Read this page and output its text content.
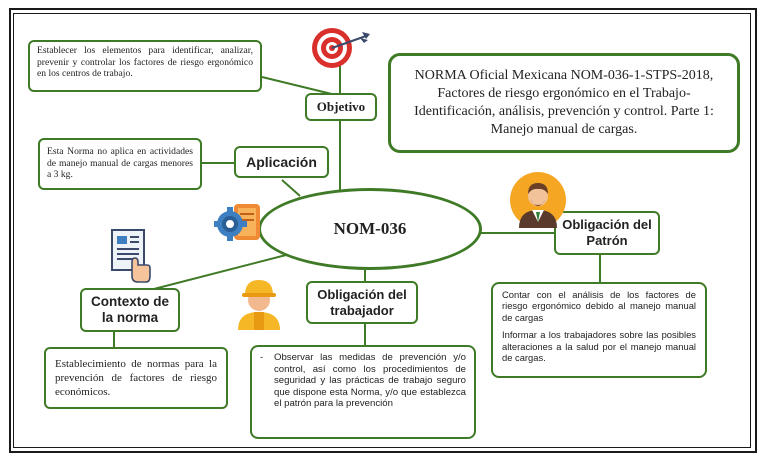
NORMA Oficial Mexicana NOM-036-1-STPS-2018, Factores de riesgo ergonómico en el Trabajo-Identificación, análisis, prevención y control. Parte 1: Manejo manual de cargas.
NOM-036
Establecer los elementos para identificar, analizar, prevenir y controlar los factores de riesgo ergonómico en los centros de trabajo.
Objetivo
Esta Norma no aplica en actividades de manejo manual de cargas menores a 3 kg.
Aplicación
Contexto de la norma
Establecimiento de normas para la prevención de factores de riesgo económicos.
Obligación del trabajador
-	Observar las medidas de prevención y/o control, así como los procedimientos de seguridad y las prácticas de trabajo seguro que dispone esta Norma, y/o que establezca el patrón para la prevención
Obligación del Patrón
Contar con el análisis de los factores de riesgo ergonómico debido al manejo manual de cargas
Informar a los trabajadores sobre las posibles alteraciones a la salud por el manejo manual de cargas.
